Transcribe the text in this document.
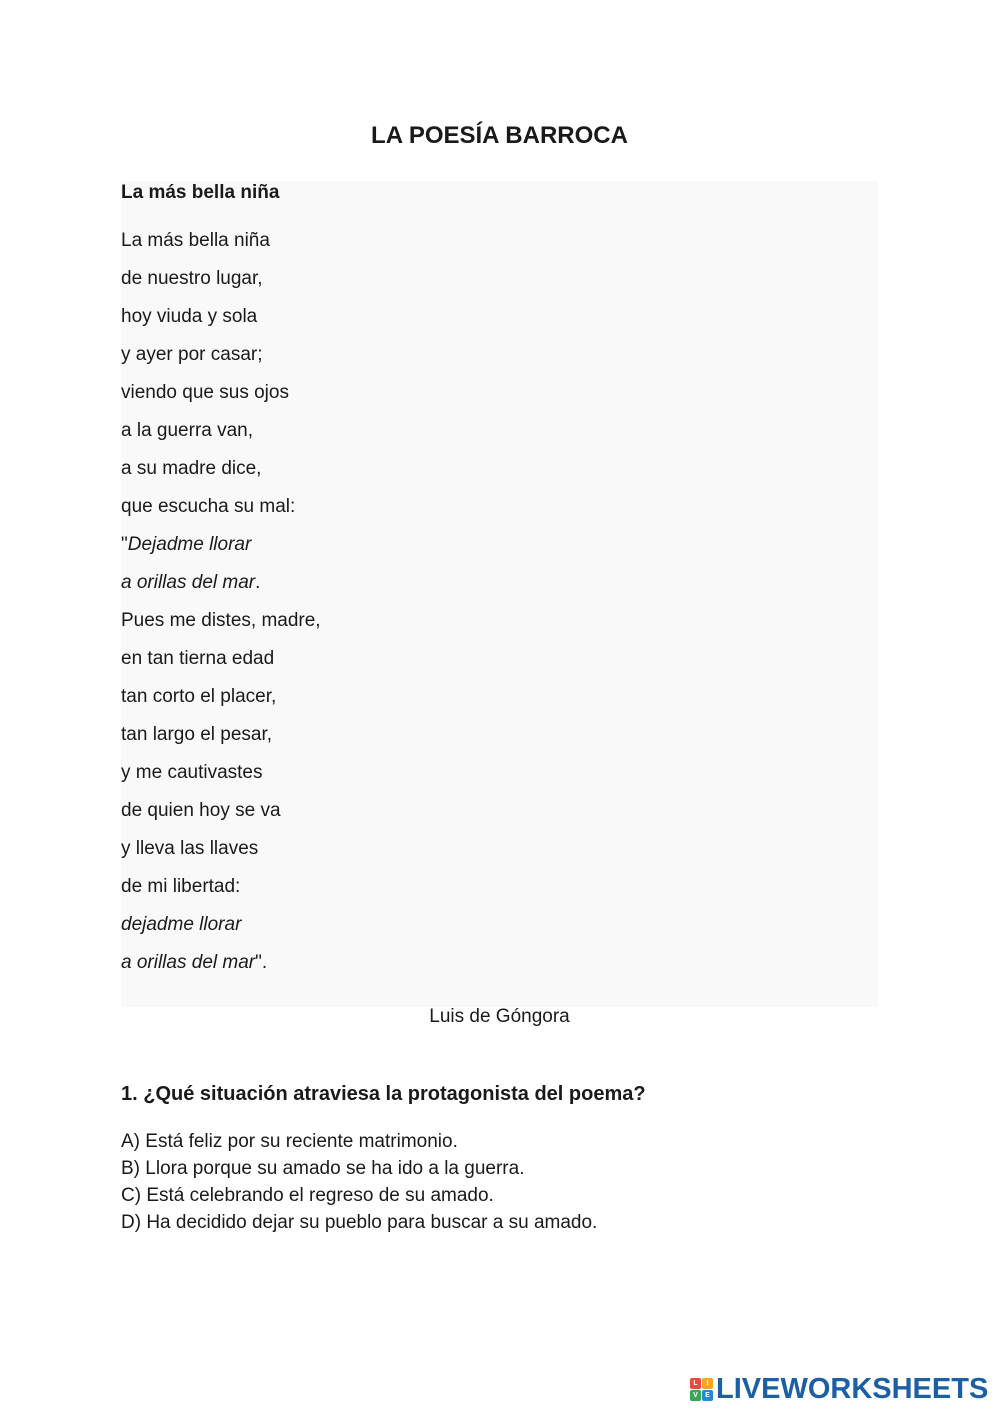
LA POESÍA BARROCA
La más bella niña
La más bella niña
de nuestro lugar,
hoy viuda y sola
y ayer por casar;
viendo que sus ojos
a la guerra van,
a su madre dice,
que escucha su mal:
"Dejadme llorar
a orillas del mar.
Pues me distes, madre,
en tan tierna edad
tan corto el placer,
tan largo el pesar,
y me cautivastes
de quien hoy se va
y lleva las llaves
de mi libertad:
dejadme llorar
a orillas del mar".
Luis de Góngora
1. ¿Qué situación atraviesa la protagonista del poema?
A) Está feliz por su reciente matrimonio.
B) Llora porque su amado se ha ido a la guerra.
C) Está celebrando el regreso de su amado.
D) Ha decidido dejar su pueblo para buscar a su amado.
L	I
V	E LIVEWORKSHEETS
